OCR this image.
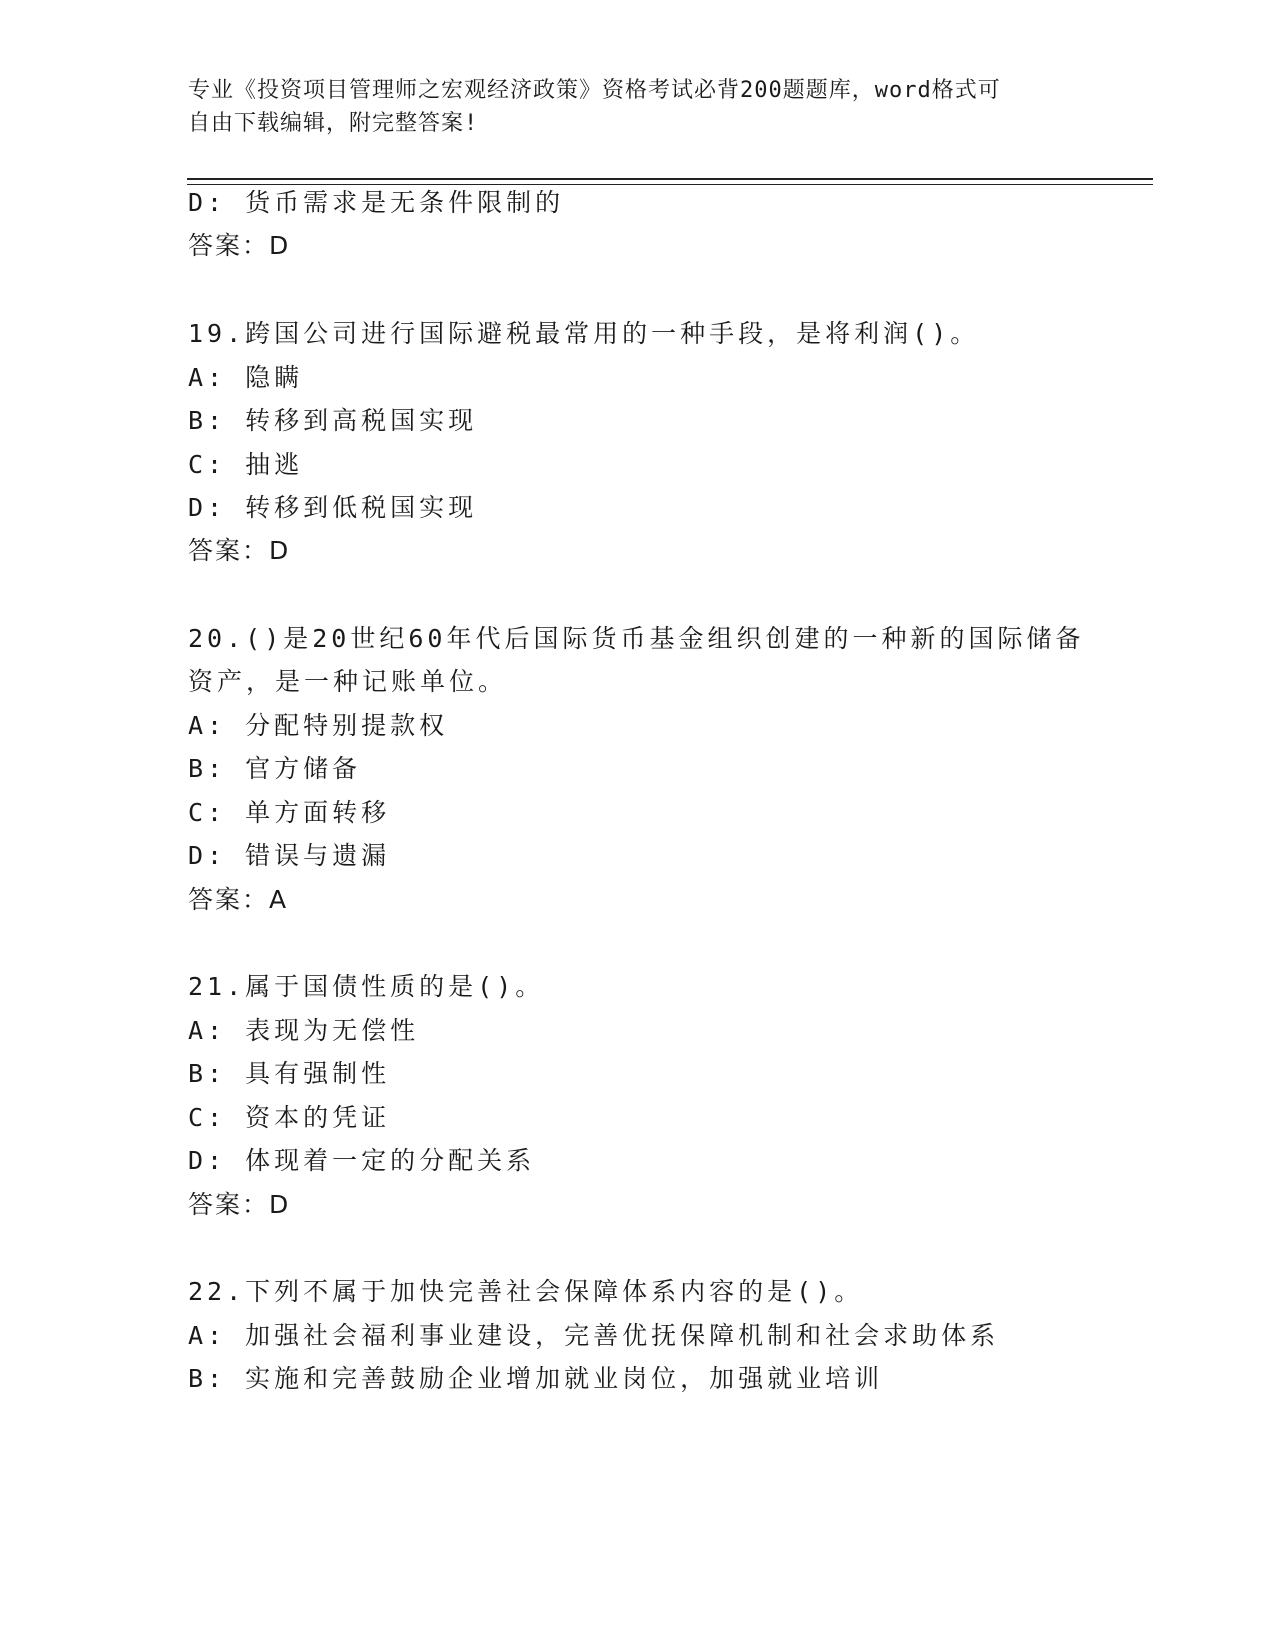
专业《投资项目管理师之宏观经济政策》资格考试必背200题题库，word格式可
自由下载编辑，附完整答案!
D: 货币需求是无条件限制的
答案：D
19.跨国公司进行国际避税最常用的一种手段，是将利润()。
A: 隐瞒
B: 转移到高税国实现
C: 抽逃
D: 转移到低税国实现
答案：D
20.()是20世纪60年代后国际货币基金组织创建的一种新的国际储备
资产，是一种记账单位。
A: 分配特别提款权
B: 官方储备
C: 单方面转移
D: 错误与遗漏
答案：A
21.属于国债性质的是()。
A: 表现为无偿性
B: 具有强制性
C: 资本的凭证
D: 体现着一定的分配关系
答案：D
22.下列不属于加快完善社会保障体系内容的是()。
A: 加强社会福利事业建设，完善优抚保障机制和社会求助体系
B: 实施和完善鼓励企业增加就业岗位，加强就业培训
